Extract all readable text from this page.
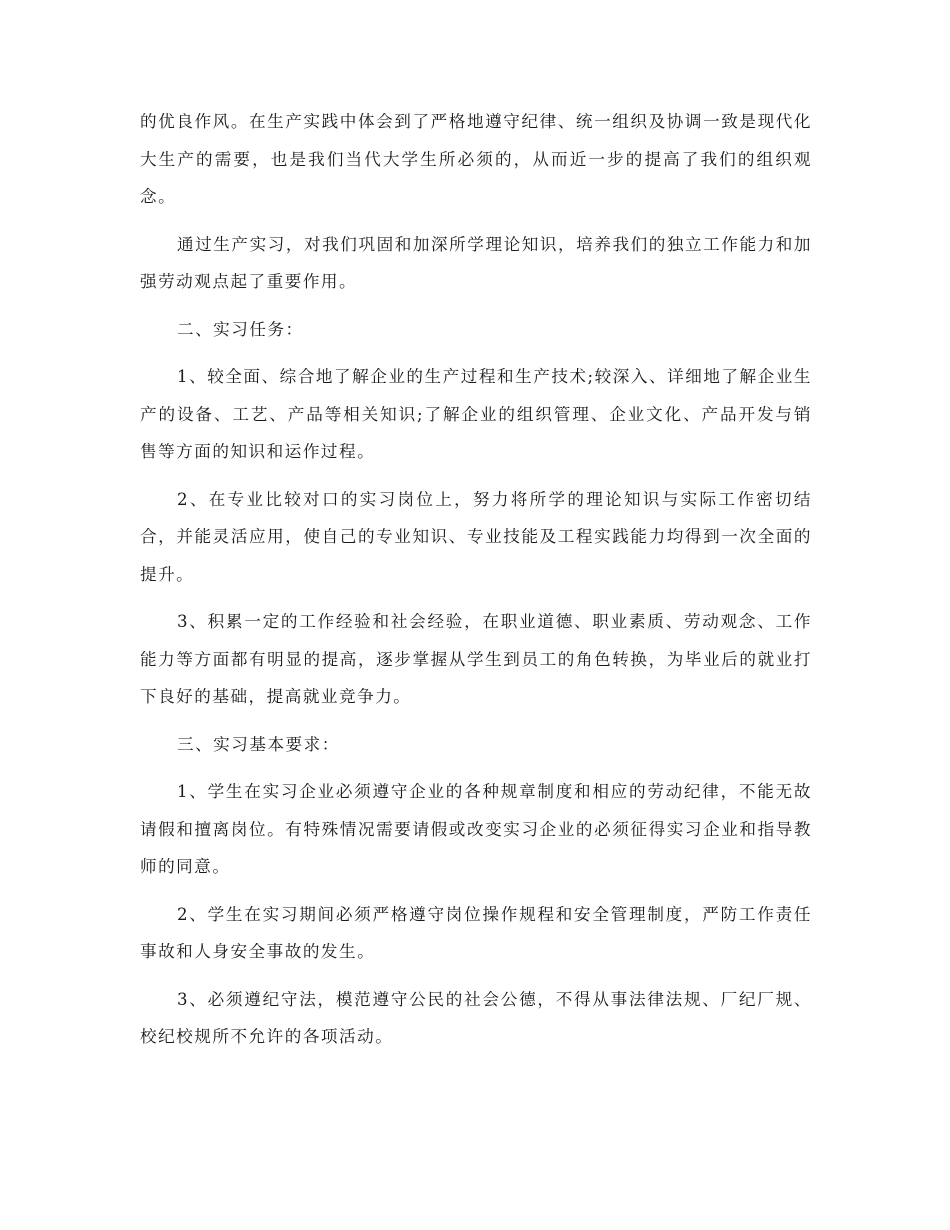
的优良作风。在生产实践中体会到了严格地遵守纪律、统一组织及协调一致是现代化大生产的需要，也是我们当代大学生所必须的，从而近一步的提高了我们的组织观念。

通过生产实习，对我们巩固和加深所学理论知识，培养我们的独立工作能力和加强劳动观点起了重要作用。

二、实习任务：

1、较全面、综合地了解企业的生产过程和生产技术;较深入、详细地了解企业生产的设备、工艺、产品等相关知识;了解企业的组织管理、企业文化、产品开发与销售等方面的知识和运作过程。

2、在专业比较对口的实习岗位上，努力将所学的理论知识与实际工作密切结合，并能灵活应用，使自己的专业知识、专业技能及工程实践能力均得到一次全面的提升。

3、积累一定的工作经验和社会经验，在职业道德、职业素质、劳动观念、工作能力等方面都有明显的提高，逐步掌握从学生到员工的角色转换，为毕业后的就业打下良好的基础，提高就业竞争力。

三、实习基本要求：

1、学生在实习企业必须遵守企业的各种规章制度和相应的劳动纪律，不能无故请假和擅离岗位。有特殊情况需要请假或改变实习企业的必须征得实习企业和指导教师的同意。

2、学生在实习期间必须严格遵守岗位操作规程和安全管理制度，严防工作责任事故和人身安全事故的发生。

3、必须遵纪守法，模范遵守公民的社会公德，不得从事法律法规、厂纪厂规、校纪校规所不允许的各项活动。
